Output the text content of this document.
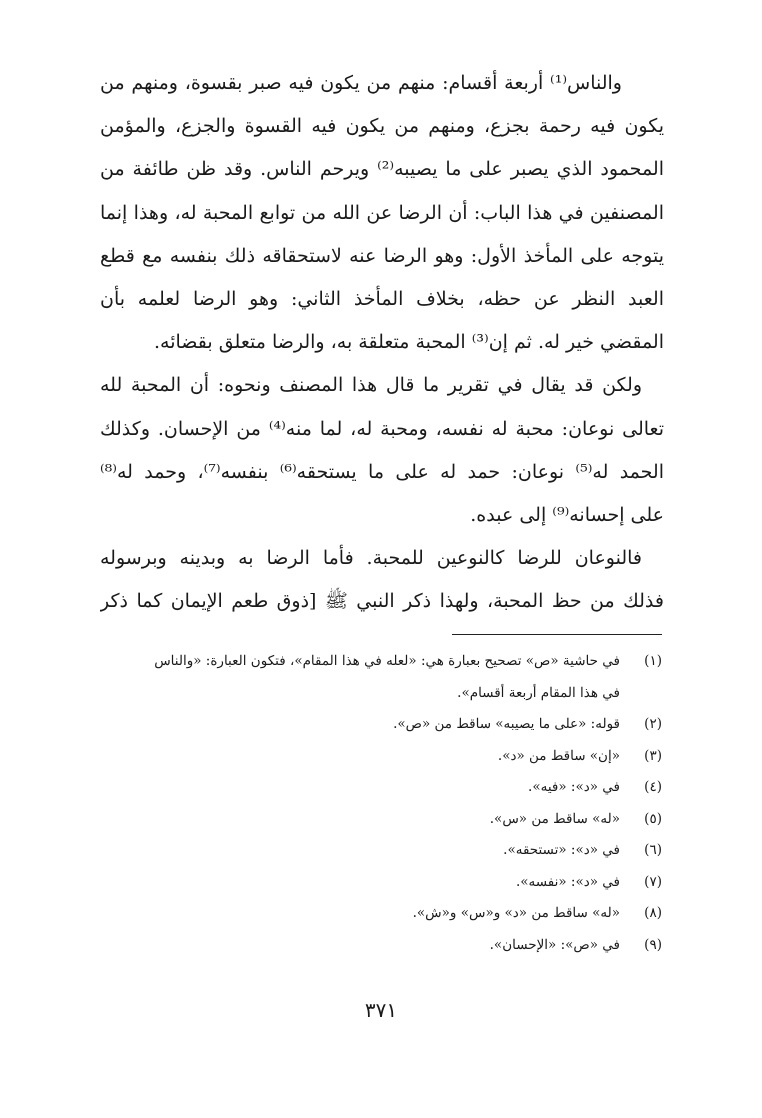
والناس⁽¹⁾ أربعة أقسام: منهم من يكون فيه صبر بقسوة، ومنهم من
يكون فيه رحمة بجزع، ومنهم من يكون فيه القسوة والجزع، والمؤمن
المحمود الذي يصبر على ما يصيبه⁽²⁾ ويرحم الناس. وقد ظن طائفة من
المصنفين في هذا الباب: أن الرضا عن الله من توابع المحبة له، وهذا إنما
يتوجه على المأخذ الأول: وهو الرضا عنه لاستحقاقه ذلك بنفسه مع قطع
العبد النظر عن حظه، بخلاف المأخذ الثاني: وهو الرضا لعلمه بأن
المقضي خير له. ثم إن⁽³⁾ المحبة متعلقة به، والرضا متعلق بقضائه.
ولكن قد يقال في تقرير ما قال هذا المصنف ونحوه: أن المحبة لله
تعالى نوعان: محبة له نفسه، ومحبة له، لما منه⁽⁴⁾ من الإحسان. وكذلك
الحمد له⁽⁵⁾ نوعان: حمد له على ما يستحقه⁽⁶⁾ بنفسه⁽⁷⁾، وحمد له⁽⁸⁾
على إحسانه⁽⁹⁾ إلى عبده.
فالنوعان للرضا كالنوعين للمحبة. فأما الرضا به وبدينه وبرسوله
فذلك من حظ المحبة، ولهذا ذكر النبي ﷺ [ذوق طعم الإيمان كما ذكر
(١)
في حاشية «ص» تصحيح بعبارة هي: «لعله في هذا المقام»، فتكون العبارة: «والناس
في هذا المقام أربعة أقسام».
(٢)
قوله: «على ما يصيبه» ساقط من «ص».
(٣)
«إن» ساقط من «د».
(٤)
في «د»: «فيه».
(٥)
«له» ساقط من «س».
(٦)
في «د»: «تستحقه».
(٧)
في «د»: «نفسه».
(٨)
«له» ساقط من «د» و«س» و«ش».
(٩)
في «ص»: «الإحسان».
٣٧١
